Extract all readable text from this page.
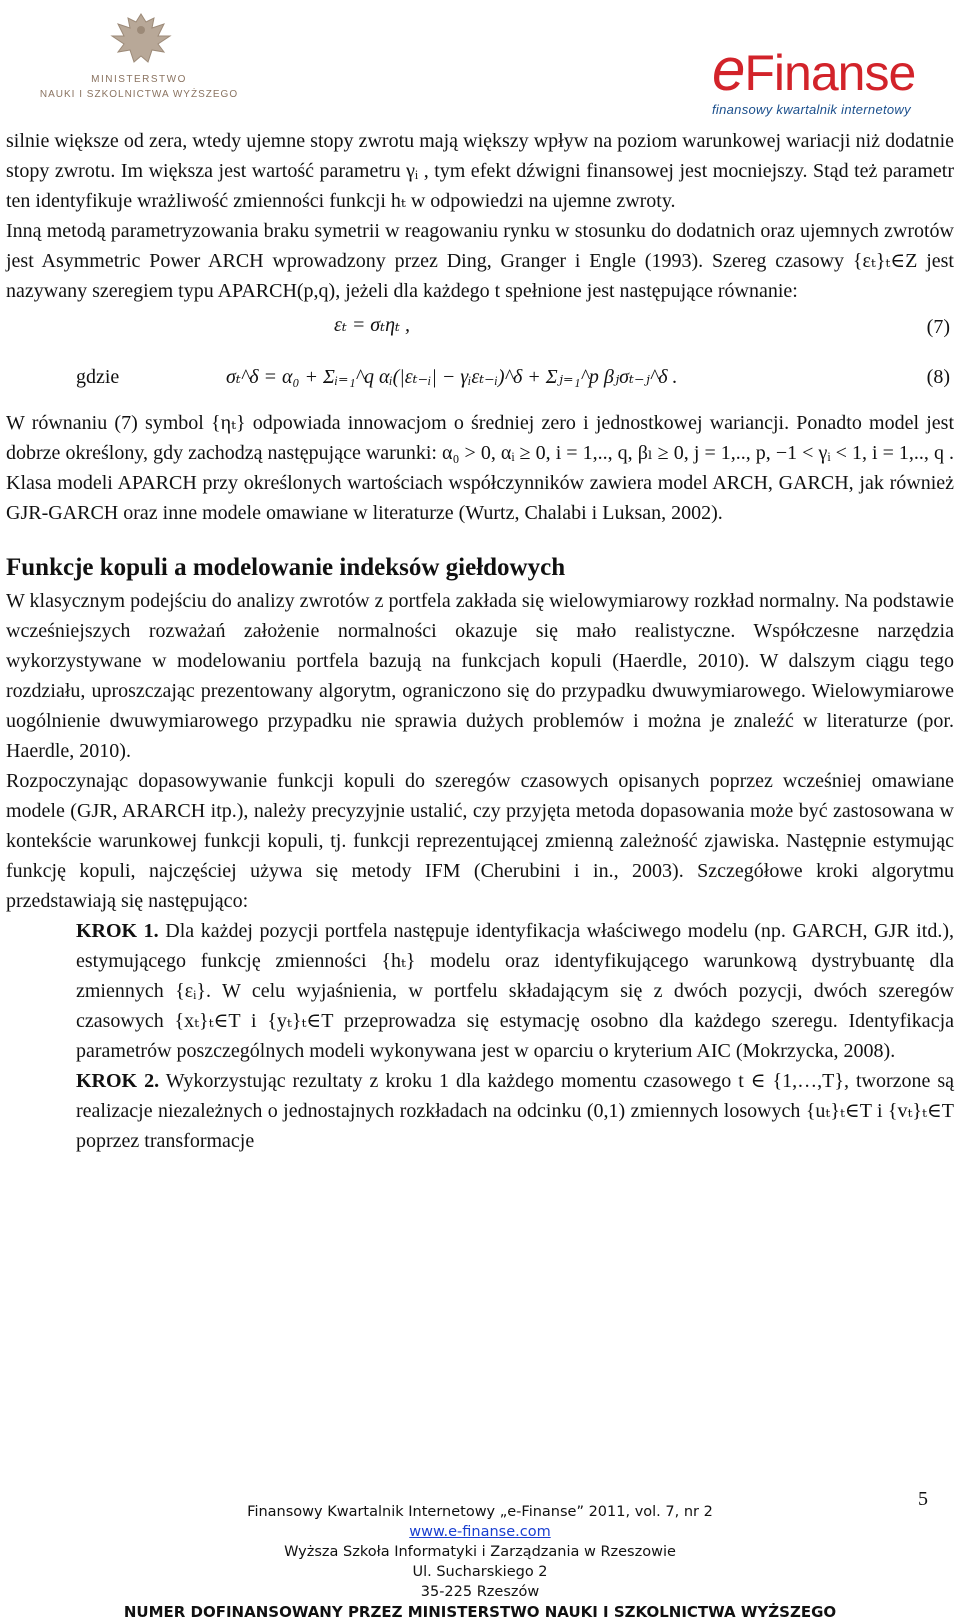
MINISTERSTWO
NAUKI I SZKOLNICTWA WYŻSZEGO	eFinanse
finansowy kwartalnik internetowy

silnie większe od zera, wtedy ujemne stopy zwrotu mają większy wpływ na poziom warunkowej wariacji niż dodatnie stopy zwrotu. Im większa jest wartość parametru γᵢ , tym efekt dźwigni finansowej jest mocniejszy. Stąd też parametr ten identyfikuje wrażliwość zmienności funkcji hₜ w odpowiedzi na ujemne zwroty.

Inną metodą parametryzowania braku symetrii w reagowaniu rynku w stosunku do dodatnich oraz ujemnych zwrotów jest Asymmetric Power ARCH wprowadzony przez Ding, Granger i Engle (1993). Szereg czasowy {εₜ}ₜ∈Z jest nazywany szeregiem typu APARCH(p,q), jeżeli dla każdego t spełnione jest następujące równanie:

εₜ = σₜηₜ ,	(7)
gdzie	σₜ^δ = α₀ + Σᵢ₌₁^q αᵢ(|εₜ₋ᵢ| − γᵢεₜ₋ᵢ)^δ + Σⱼ₌₁^p βⱼσₜ₋ⱼ^δ .	(8)

W równaniu (7) symbol {ηₜ} odpowiada innowacjom o średniej zero i jednostkowej wariancji. Ponadto model jest dobrze określony, gdy zachodzą następujące warunki: α₀ > 0, αᵢ ≥ 0, i = 1,.., q, βₗ ≥ 0, j = 1,.., p, −1 < γᵢ < 1, i = 1,.., q . Klasa modeli APARCH przy określonych wartościach współczynników zawiera model ARCH, GARCH, jak również GJR-GARCH oraz inne modele omawiane w literaturze (Wurtz, Chalabi i Luksan, 2002).

Funkcje kopuli a modelowanie indeksów giełdowych

W klasycznym podejściu do analizy zwrotów z portfela zakłada się wielowymiarowy rozkład normalny. Na podstawie wcześniejszych rozważań założenie normalności okazuje się mało realistyczne. Współczesne narzędzia wykorzystywane w modelowaniu portfela bazują na funkcjach kopuli (Haerdle, 2010). W dalszym ciągu tego rozdziału, uproszczając prezentowany algorytm, ograniczono się do przypadku dwuwymiarowego. Wielowymiarowe uogólnienie dwuwymiarowego przypadku nie sprawia dużych problemów i można je znaleźć w literaturze (por. Haerdle, 2010).

Rozpoczynając dopasowywanie funkcji kopuli do szeregów czasowych opisanych poprzez wcześniej omawiane modele (GJR, ARARCH itp.), należy precyzyjnie ustalić, czy przyjęta metoda dopasowania może być zastosowana w kontekście warunkowej funkcji kopuli, tj. funkcji reprezentującej zmienną zależność zjawiska. Następnie estymując funkcję kopuli, najczęściej używa się metody IFM (Cherubini i in., 2003). Szczegółowe kroki algorytmu przedstawiają się następująco:

KROK 1. Dla każdej pozycji portfela następuje identyfikacja właściwego modelu (np. GARCH, GJR itd.), estymującego funkcję zmienności {hₜ} modelu oraz identyfikującego warunkową dystrybuantę dla zmiennych {εᵢ}. W celu wyjaśnienia, w portfelu składającym się z dwóch pozycji, dwóch szeregów czasowych {xₜ}ₜ∈T i {yₜ}ₜ∈T przeprowadza się estymację osobno dla każdego szeregu. Identyfikacja parametrów poszczególnych modeli wykonywana jest w oparciu o kryterium AIC (Mokrzycka, 2008).

KROK 2. Wykorzystując rezultaty z kroku 1 dla każdego momentu czasowego t ∈ {1,…,T}, tworzone są realizacje niezależnych o jednostajnych rozkładach na odcinku (0,1) zmiennych losowych {uₜ}ₜ∈T i {vₜ}ₜ∈T poprzez transformacje

5
Finansowy Kwartalnik Internetowy „e-Finanse” 2011, vol. 7, nr 2
www.e-finanse.com
Wyższa Szkoła Informatyki i Zarządzania w Rzeszowie
Ul. Sucharskiego 2
35-225 Rzeszów
NUMER DOFINANSOWANY PRZEZ MINISTERSTWO NAUKI I SZKOLNICTWA WYŻSZEGO
